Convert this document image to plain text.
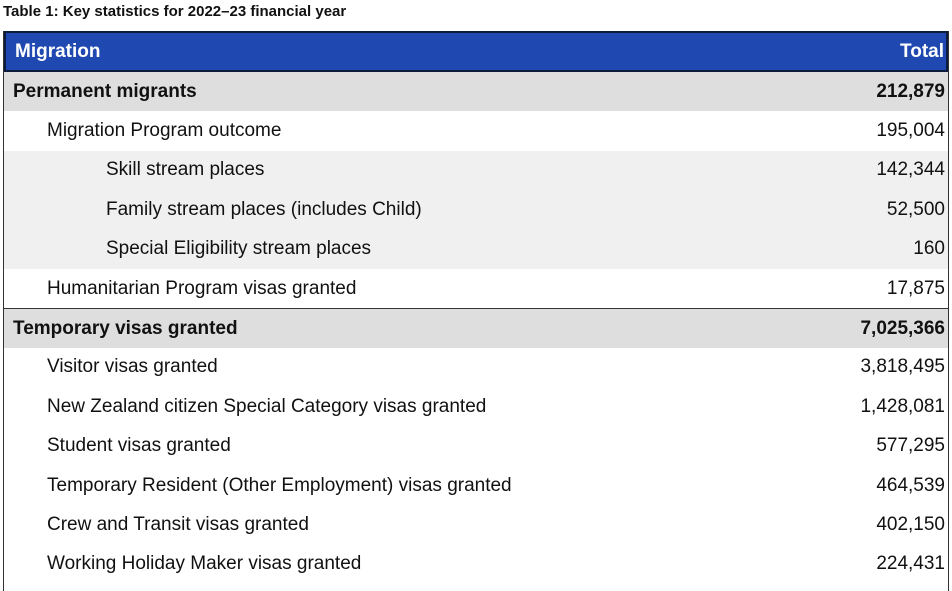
Table 1: Key statistics for 2022–23 financial year
Migration	Total
Permanent migrants	212,879
Migration Program outcome	195,004
Skill stream places	142,344
Family stream places (includes Child)	52,500
Special Eligibility stream places	160
Humanitarian Program visas granted	17,875
Temporary visas granted	7,025,366
Visitor visas granted	3,818,495
New Zealand citizen Special Category visas granted	1,428,081
Student visas granted	577,295
Temporary Resident (Other Employment) visas granted	464,539
Crew and Transit visas granted	402,150
Working Holiday Maker visas granted	224,431
